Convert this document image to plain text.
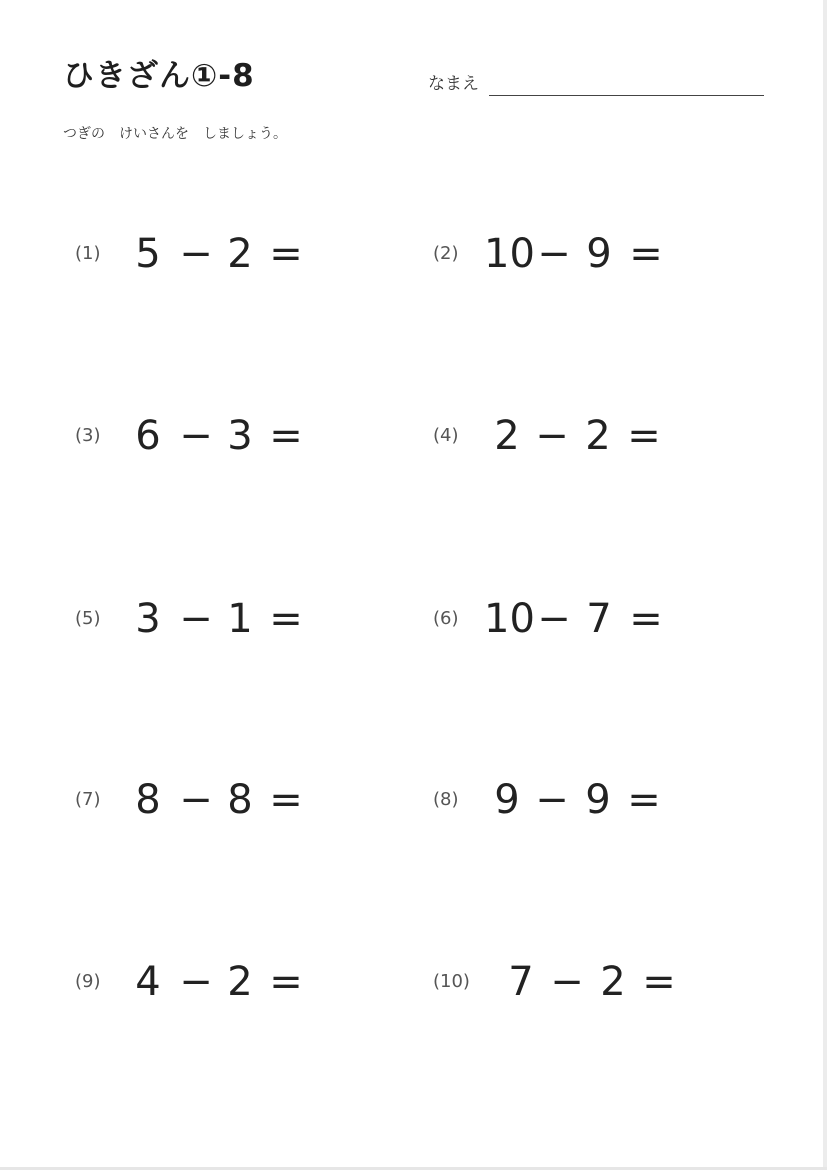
ひきざん①-8	なまえ
つぎの　けいさんを　しましょう。
(1) 5 − 2 =	(2) 10 − 9 =
(3) 6 − 3 =	(4) 2 − 2 =
(5) 3 − 1 =	(6) 10 − 7 =
(7) 8 − 8 =	(8) 9 − 9 =
(9) 4 − 2 =	(10) 7 − 2 =
